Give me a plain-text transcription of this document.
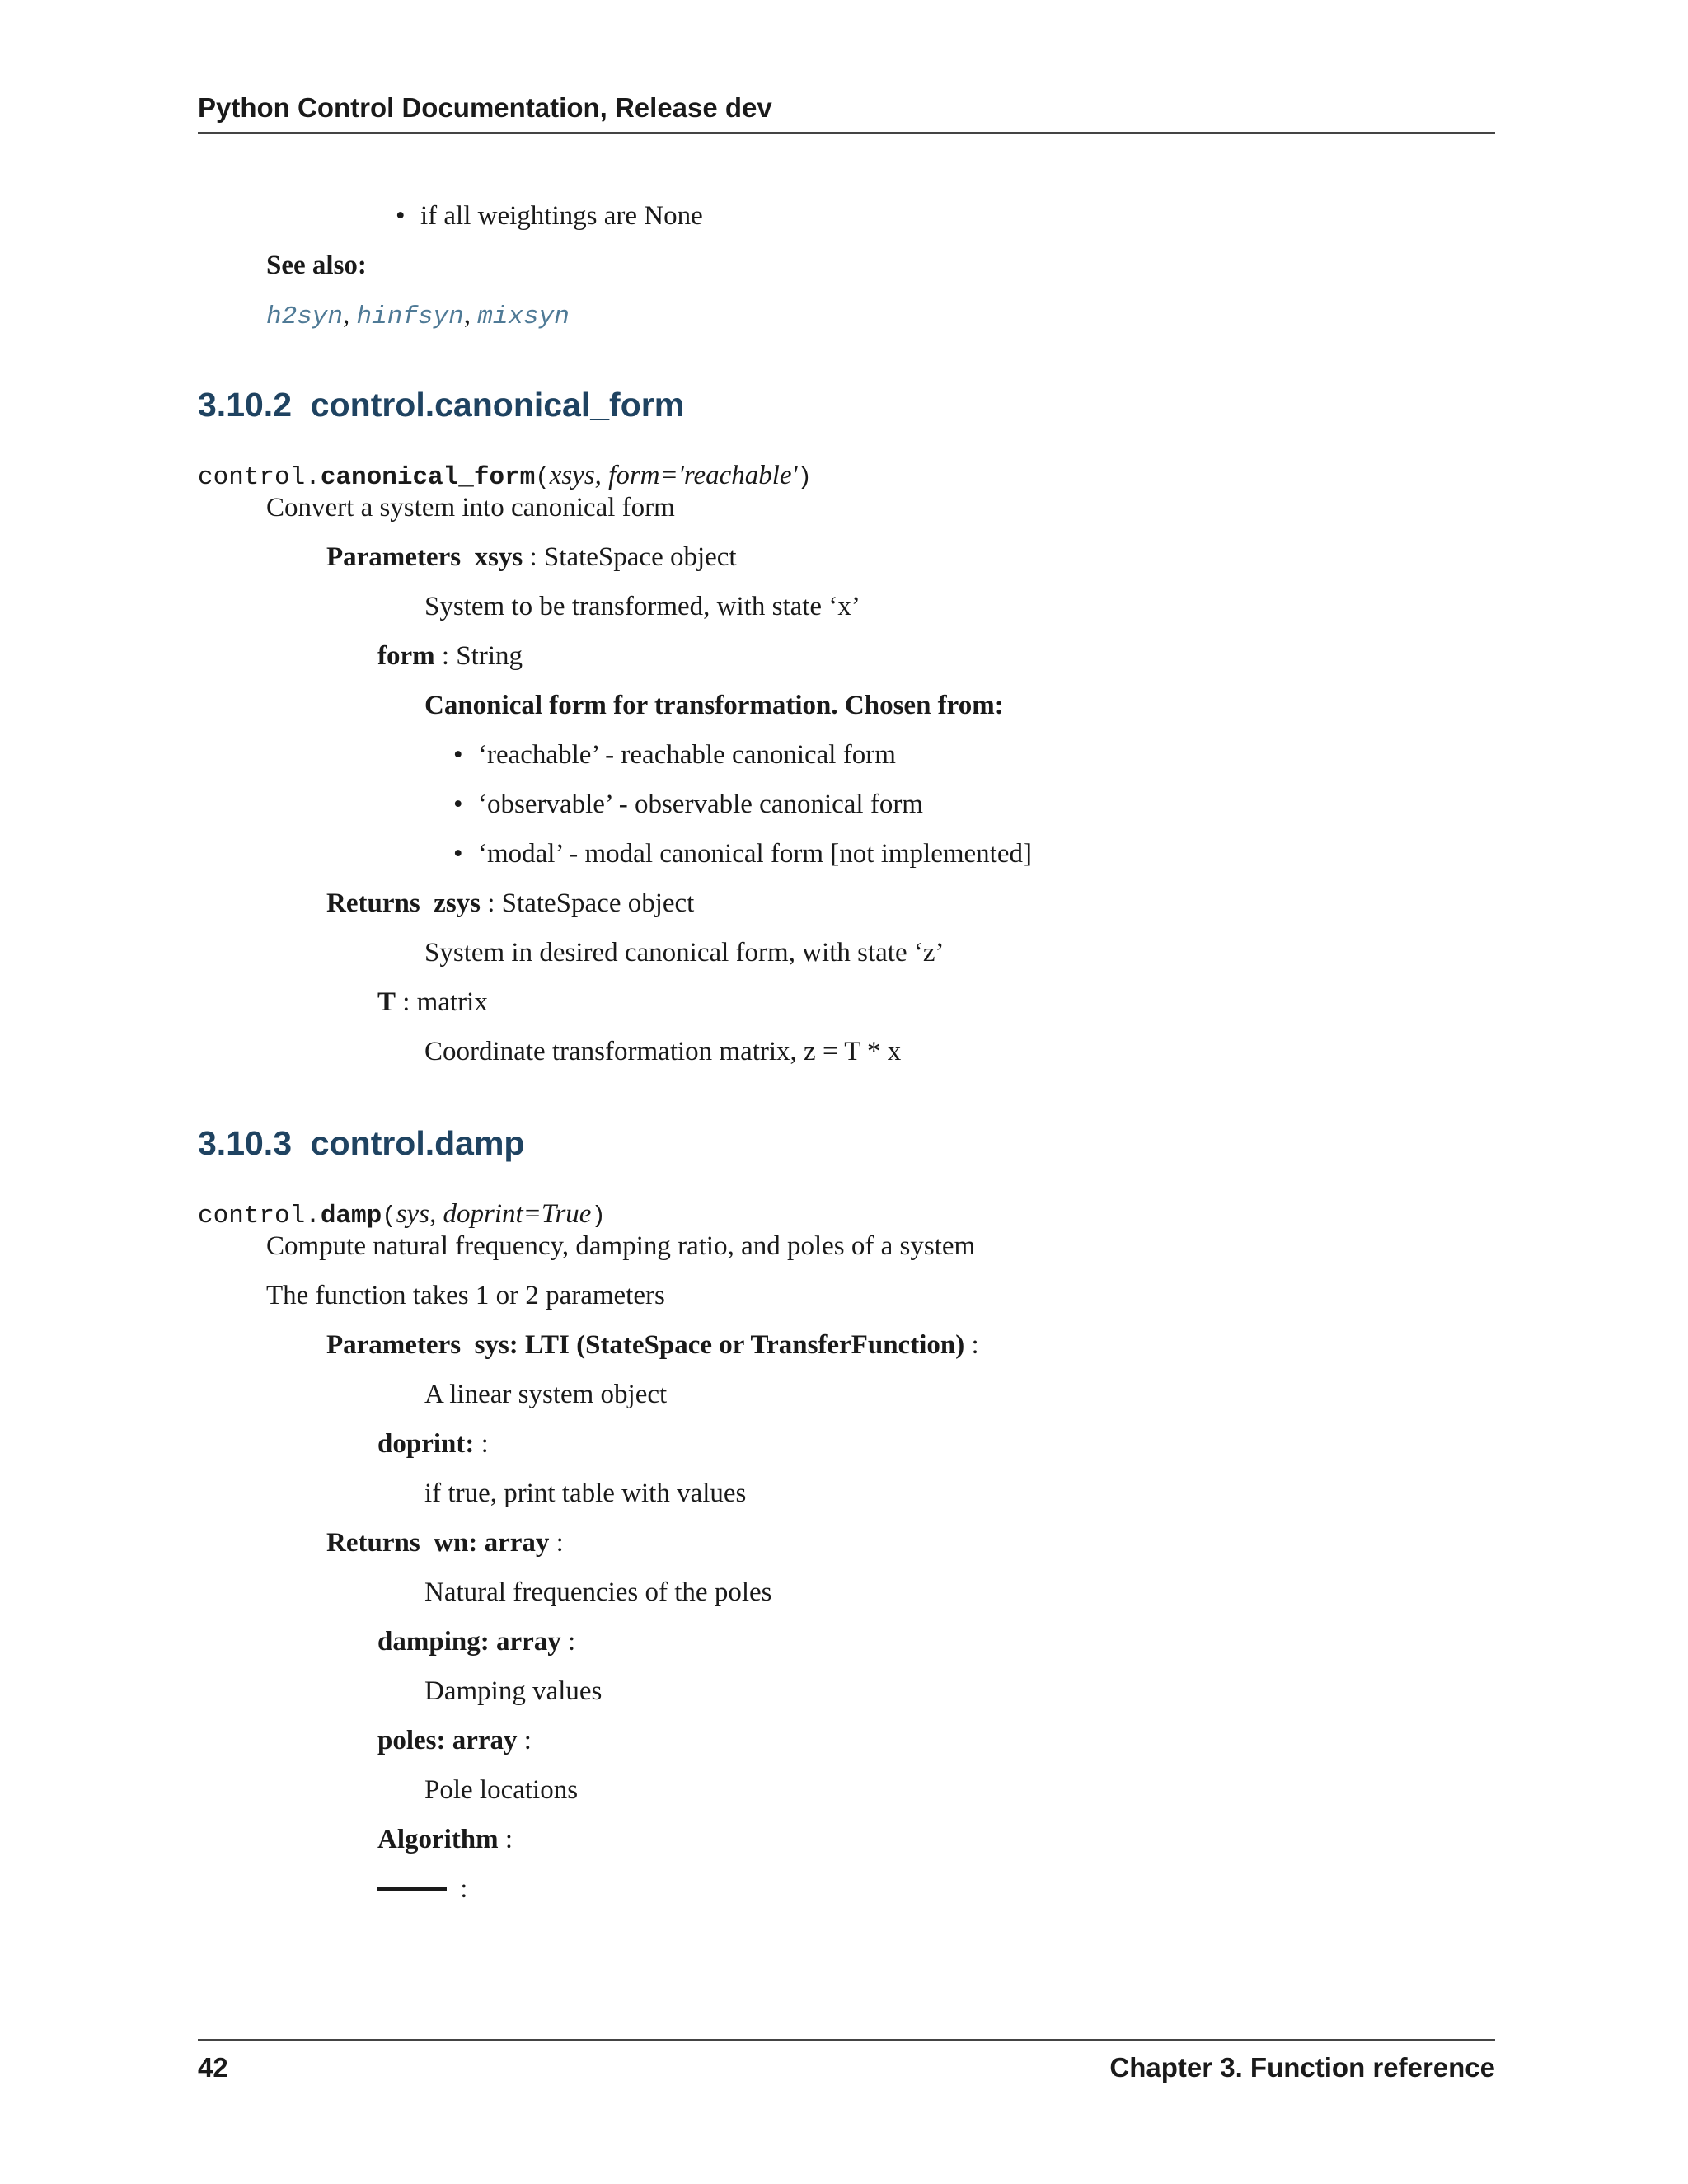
Python Control Documentation, Release dev
• if all weightings are None
See also:
h2syn, hinfsyn, mixsyn
3.10.2 control.canonical_form
control.canonical_form(xsys, form='reachable')
Convert a system into canonical form
Parameters xsys : StateSpace object
System to be transformed, with state ‘x’
form : String
Canonical form for transformation. Chosen from:
• ‘reachable’ - reachable canonical form
• ‘observable’ - observable canonical form
• ‘modal’ - modal canonical form [not implemented]
Returns zsys : StateSpace object
System in desired canonical form, with state ‘z’
T : matrix
Coordinate transformation matrix, z = T * x
3.10.3 control.damp
control.damp(sys, doprint=True)
Compute natural frequency, damping ratio, and poles of a system
The function takes 1 or 2 parameters
Parameters sys: LTI (StateSpace or TransferFunction) :
A linear system object
doprint: :
if true, print table with values
Returns wn: array :
Natural frequencies of the poles
damping: array :
Damping values
poles: array :
Pole locations
Algorithm :
:
42	Chapter 3. Function reference
